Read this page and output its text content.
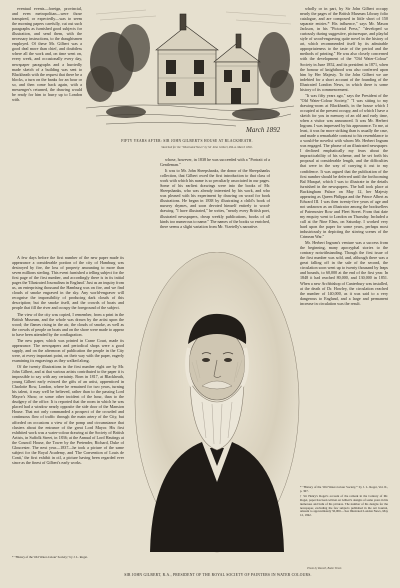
eventual events—foreign, provincial, and even metropolitan—were those transpired, or expectedly—was to seem the morning papers carefully, cut out such paragraphs as furnished good subjects for illustration, and send them, with the necessary instructions, to the draughtsmen employed. Of these Mr. Gilbert was a good deal more than chief, and doubtless where all the work and, on time went on, every week, and occasionally every day, newspaper paragraphs and a hurriedly made sketch of a building was sent to Blackheath with the request that there be a blocks, a turn on the banks for an hour or so, and then come back again, with a messenger's returned, the drawing would be ready for him to hurry up to London with.

March 1892
FIFTY YEARS AFTER: SIR JOHN GILBERT'S HOUSE AT BLACKHEATH.
Sketched for the "Illustrated News" by Sir John Gilbert, P.R.A. March 1892.

whose, however, in 1838 he was succeeded with a "Portrait of a Gentleman."

It was to Mr. John Sheepshanks, the donor of the Sheepshanks collection, that Gilbert owed the first introduction to that class of work with which his name is so peculiarly associated in our pages. Some of his earliest drawings were into the books of Mr. Sheepshanks, who was already interested by his work, and who was pleased with his experiment by drawing on wood for book illustrations. He began in 1838 by illustrating a child's book of nursery rhymes, and soon devoted himself entirely to wood-drawing. "I have illustrated," he writes, "nearly every British poet, illustrated newspapers, cheap weekly publications, books of all kinds too numerous to name." The names of the books so enriched, there seems a slight variation from Mr. Vizetelly's narrative.

A few days before the first number of the new paper made its appearance a considerable portion of the city of Hamburg was destroyed by fire, the loss of property amounting to more than seven millions sterling. This event furnished a telling subject for the first page of the first number, and accordingly there is in its initial pages the 'Illustrated Journalism in England.' Just as an inquiry from us, an enterprising thousand the Hamburg was on fire, and we find clouds of smoke engraved in the sky. Any world-engraver will recognise the impossibility of producing dark clouds of this description; but the smoke itself, and the crowds of boats and people that fill the river and occupy the foreground of the subject.

The view of the city was copied, I remember, from a print in the British Museum, and the whole was drawn by the artist upon the wood; the flames rising in the air, the clouds of smoke, as well as the crowds of people on boats and on the shore were made to appear to have been attended by the conflagration.

The new paper, which was printed in Crane Court, made its appearance. The newspapers and periodical shops were a good supply, and on the afternoon of publication the people in the City were, at every important point, on their way with the paper, eagerly examining its engravings as they walked along.

Of the twenty illustrations in the first number eight are by Mr. John Gilbert, and at that various artists contributed to the paper it is impossible to say with any certainty. Born in 1817, at Blackheath, young Gilbert early evinced the gifts of an artist, apprenticed in Charlotte Row, London, where he remained for two years, turning his talent, it may well be believed, rather than to the passing Lord Mayor's Show, or some other incident of the hour, than to the drudgery of the office. It is reported that the room in which he was placed had a window nearly opposite the side door of the Mansion House. That not only commanded a prospect of the crowded and continuous flow of traffic through the main artery of the City, but afforded on occasions a view of the pomp and circumstance that clusters about the entrance of the great Lord Mayor. His first exhibited work was a water-colour drawing at the Society of British Artists, in Suffolk Street, in 1836; at the Annual of Lord Hastings at the Council House, the Tower by the Pretender, Richard, Duke of Gloucester. The next year—1837—he took a picture of the same subject for the Royal Academy, and 'The Convention of Louis de Conti,' the first exhibit in oil, a picture having been regarded ever since as the finest of Gilbert's early works.

* "History of the 'Old Water-Colour' Society," by J. L. Roget.
Photo by Russell, Baker Street.
SIR JOHN GILBERT, R.A., PRESIDENT OF THE ROYAL SOCIETY OF PAINTERS IN WATER COLOURS.

wholly or in part, by Sir John Gilbert occupy nearly the pages of the British Museum Library folio catalogue, and are composed in little short of 150 separate entries.* His influence," says Mr. Mason Jackson, in his "Pictorial Press," "developed so curiously during suggestive, picturesque, and playful style of wood-engraving quite novel in the history of art, which recommended itself by its admirable appropriateness to the taste of the period and the methods of printing." He was also closely concerned with the development of the "Old Water-Colour" Society in June 1852, and its president in 1871, when the honour of knighthood was also conferred upon him by Her Majesty. To the John Gilbert we are indebted for a short account of the founding of the Illustrated London News, in which there is some history of its commencement.

"It was fifty years ago," says the President of the "Old Water-Colour Society," "I was sitting to my drawing-room at Blackheath, in the house which I occupied at the present occupy, and of which I have a sketch for you in memory of an old and early time, when a visitor was announced. It was Mr. Herbert Ingram. I was impressed by his appearance. To me, at least, it was far more striking than is usually the case, and made a remarkable contrast to his resemblance to a would-be novelist with whom Mr. Herbert Ingram was engaged. The phrase of an illustrated newspaper. I declined emphatically my fears about the impracticability of his scheme, and he set forth his proposal at considerable length, and the difficulties that were in the way of carrying it out to my confidence. It was argued that the publication of the first number should be deferred until the forthcoming Bal Masqué, which I was to illustrate in the details furnished in the newspapers. The ball took place at Buckingham Palace on May 12, her Majesty appearing as Queen Philippa and the Prince Albert as Edward III. I was then twenty-five years of age and not unknown as an illustrator among the booksellers of Paternoster Row and Fleet Street. From that date my enquiry went to London on Thursday. Included a call at the Nine Elms, on Saturday. I worked very hard upon the paper for some years, perhaps most industriously in depicting the stirring scenes of the Crimean War."

Mr. Herbert Ingram's venture was a success from the beginning, many apocryphal stories to the contrary notwithstanding. Though the first issue of the first number was sold, and, although there was a great falling off in the sale of the second, the circulation soon went up to twenty thousand by leaps and bounds, to 60,000 at the end of the first year. In 1848 it had reached 80,000, and 130,000 in 1851. When a new Archbishop of Canterbury was installed, at the death of Dr. Howley, the circulation reached the number of 140,000, as it was said to a very dangerous to England, and a large and permanent increase in circulation was the result.

* "History of the 'Old Water-Colour Society,'" by J. L. Roget, Vol. II., p. 367.

† Sir Henry's Roget's account of the remark in the Century of Mr. Roget, paper has been written on Gilbert's designs of some years in his numerous and bulk of his pictures. The number of his designs for the newspaper, excluding the few subjects published in the Art Journal, amount to approximately 50,000.—See Illustrated London News, May 12, 1842.
